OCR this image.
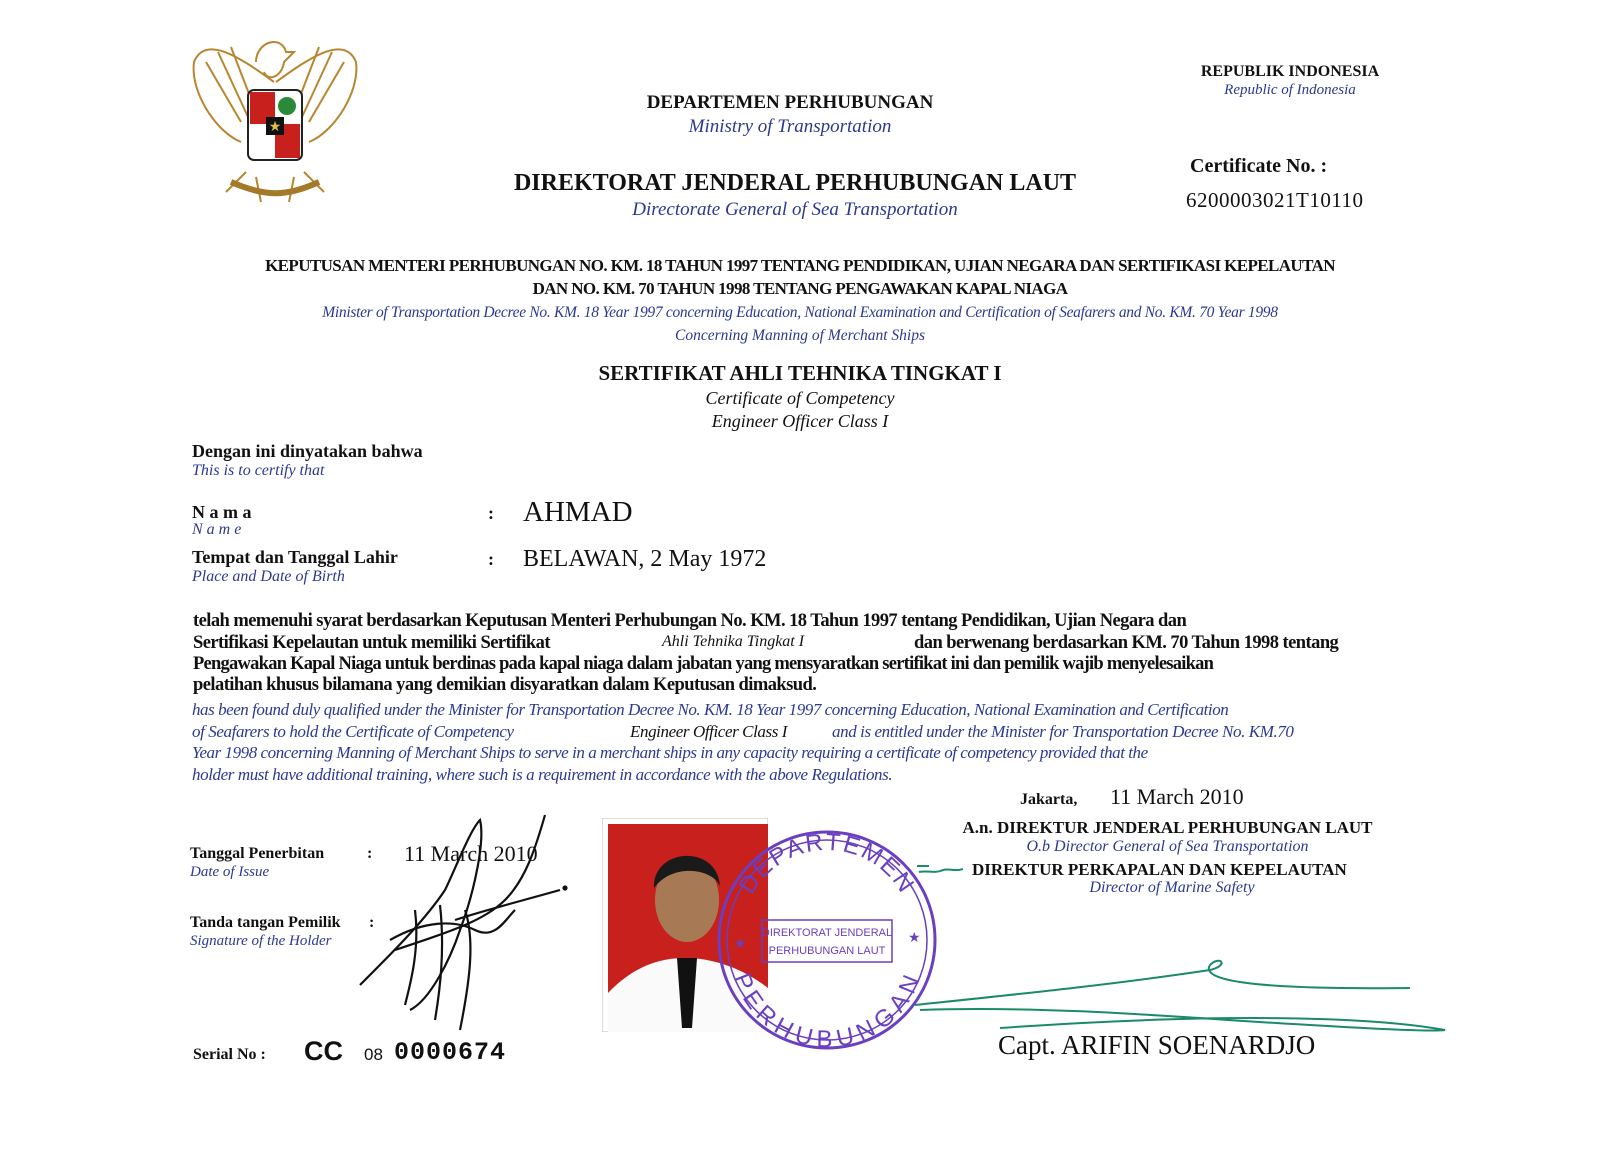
★
DEPARTEMEN PERHUBUNGAN
Ministry of Transportation
DIREKTORAT JENDERAL PERHUBUNGAN LAUT
Directorate General of Sea Transportation
REPUBLIK INDONESIA
Republic of Indonesia
Certificate No. :
6200003021T10110
KEPUTUSAN MENTERI PERHUBUNGAN NO. KM. 18 TAHUN 1997 TENTANG PENDIDIKAN, UJIAN NEGARA DAN SERTIFIKASI KEPELAUTAN
DAN NO. KM. 70 TAHUN 1998 TENTANG PENGAWAKAN KAPAL NIAGA
Minister of Transportation Decree No. KM. 18 Year 1997 concerning Education, National Examination and Certification of Seafarers and No. KM. 70 Year 1998
Concerning Manning of Merchant Ships
SERTIFIKAT AHLI TEHNIKA TINGKAT I
Certificate of Competency
Engineer Officer Class I
Dengan ini dinyatakan bahwa
This is to certify that
N a m a
N a m e
: AHMAD
Tempat dan Tanggal Lahir
Place and Date of Birth
: BELAWAN, 2 May 1972
telah memenuhi syarat berdasarkan Keputusan Menteri Perhubungan No. KM. 18 Tahun 1997 tentang Pendidikan, Ujian Negara dan
Sertifikasi Kepelautan untuk memiliki Sertifikat	Ahli Tehnika Tingkat I	dan berwenang berdasarkan KM. 70 Tahun 1998 tentang
Pengawakan Kapal Niaga untuk berdinas pada kapal niaga dalam jabatan yang mensyaratkan sertifikat ini dan pemilik wajib menyelesaikan
pelatihan khusus bilamana yang demikian disyaratkan dalam Keputusan dimaksud.
has been found duly qualified under the Minister for Transportation Decree No. KM. 18 Year 1997 concerning Education, National Examination and Certification
of Seafarers to hold the Certificate of Competency	Engineer Officer Class I	and is entitled under the Minister for Transportation Decree No. KM.70
Year 1998 concerning Manning of Merchant Ships to serve in a merchant ships in any capacity requiring a certificate of competency provided that the
holder must have additional training, where such is a requirement in accordance with the above Regulations.
Tanggal Penerbitan	:
Date of Issue
11 March 2010
Tanda tangan Pemilik :
Signature of the Holder
Serial No : CC 08 0000674
DEPARTEMEN
PERHUBUNGAN
DIREKTORAT JENDERAL
PERHUBUNGAN LAUT
★	★
Jakarta, 11 March 2010
A.n. DIREKTUR JENDERAL PERHUBUNGAN LAUT
O.b Director General of Sea Transportation
DIREKTUR PERKAPALAN DAN KEPELAUTAN
Director of Marine Safety
Capt. ARIFIN SOENARDJO
